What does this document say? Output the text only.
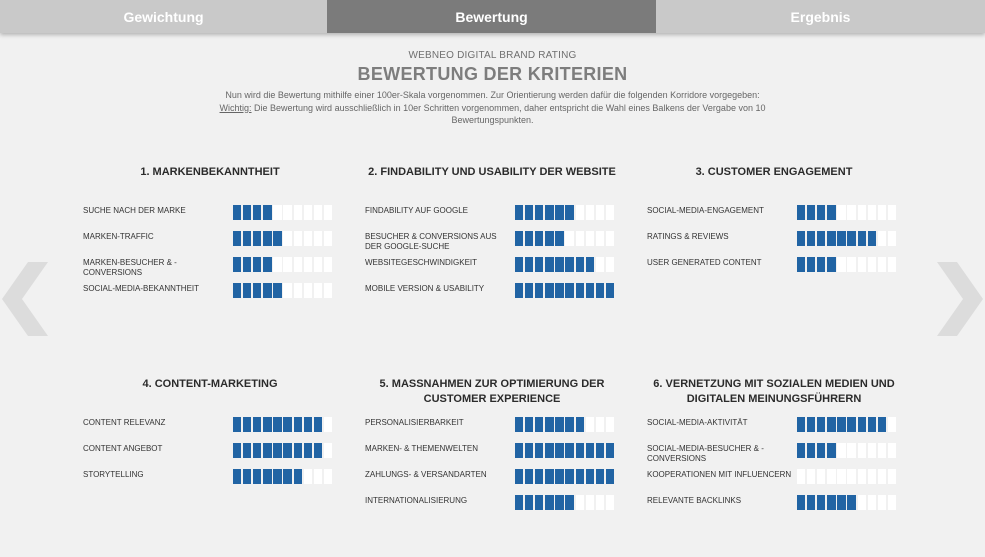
Gewichtung	Bewertung	Ergebnis
WEBNEO DIGITAL BRAND RATING
BEWERTUNG DER KRITERIEN
Nun wird die Bewertung mithilfe einer 100er-Skala vorgenommen. Zur Orientierung werden dafür die folgenden Korridore vorgegeben:
Wichtig: Die Bewertung wird ausschließlich in 10er Schritten vorgenommen, daher entspricht die Wahl eines Balkens der Vergabe von 10 Bewertungspunkten.
1. MARKENBEKANNTHEIT
SUCHE NACH DER MARKE
MARKEN-TRAFFIC
MARKEN-BESUCHER & -CONVERSIONS
SOCIAL-MEDIA-BEKANNTHEIT
2. FINDABILITY UND USABILITY DER WEBSITE
FINDABILITY AUF GOOGLE
BESUCHER & CONVERSIONS AUS DER GOOGLE-SUCHE
WEBSITEGESCHWINDIGKEIT
MOBILE VERSION & USABILITY
3. CUSTOMER ENGAGEMENT
SOCIAL-MEDIA-ENGAGEMENT
RATINGS & REVIEWS
USER GENERATED CONTENT
4. CONTENT-MARKETING
CONTENT RELEVANZ
CONTENT ANGEBOT
STORYTELLING
5. MASSNAHMEN ZUR OPTIMIERUNG DER CUSTOMER EXPERIENCE
PERSONALISIERBARKEIT
MARKEN- & THEMENWELTEN
ZAHLUNGS- & VERSANDARTEN
INTERNATIONALISIERUNG
6. VERNETZUNG MIT SOZIALEN MEDIEN UND DIGITALEN MEINUNGSFÜHRERN
SOCIAL-MEDIA-AKTIVITÄT
SOCIAL-MEDIA-BESUCHER & -CONVERSIONS
KOOPERATIONEN MIT INFLUENCERN
RELEVANTE BACKLINKS
